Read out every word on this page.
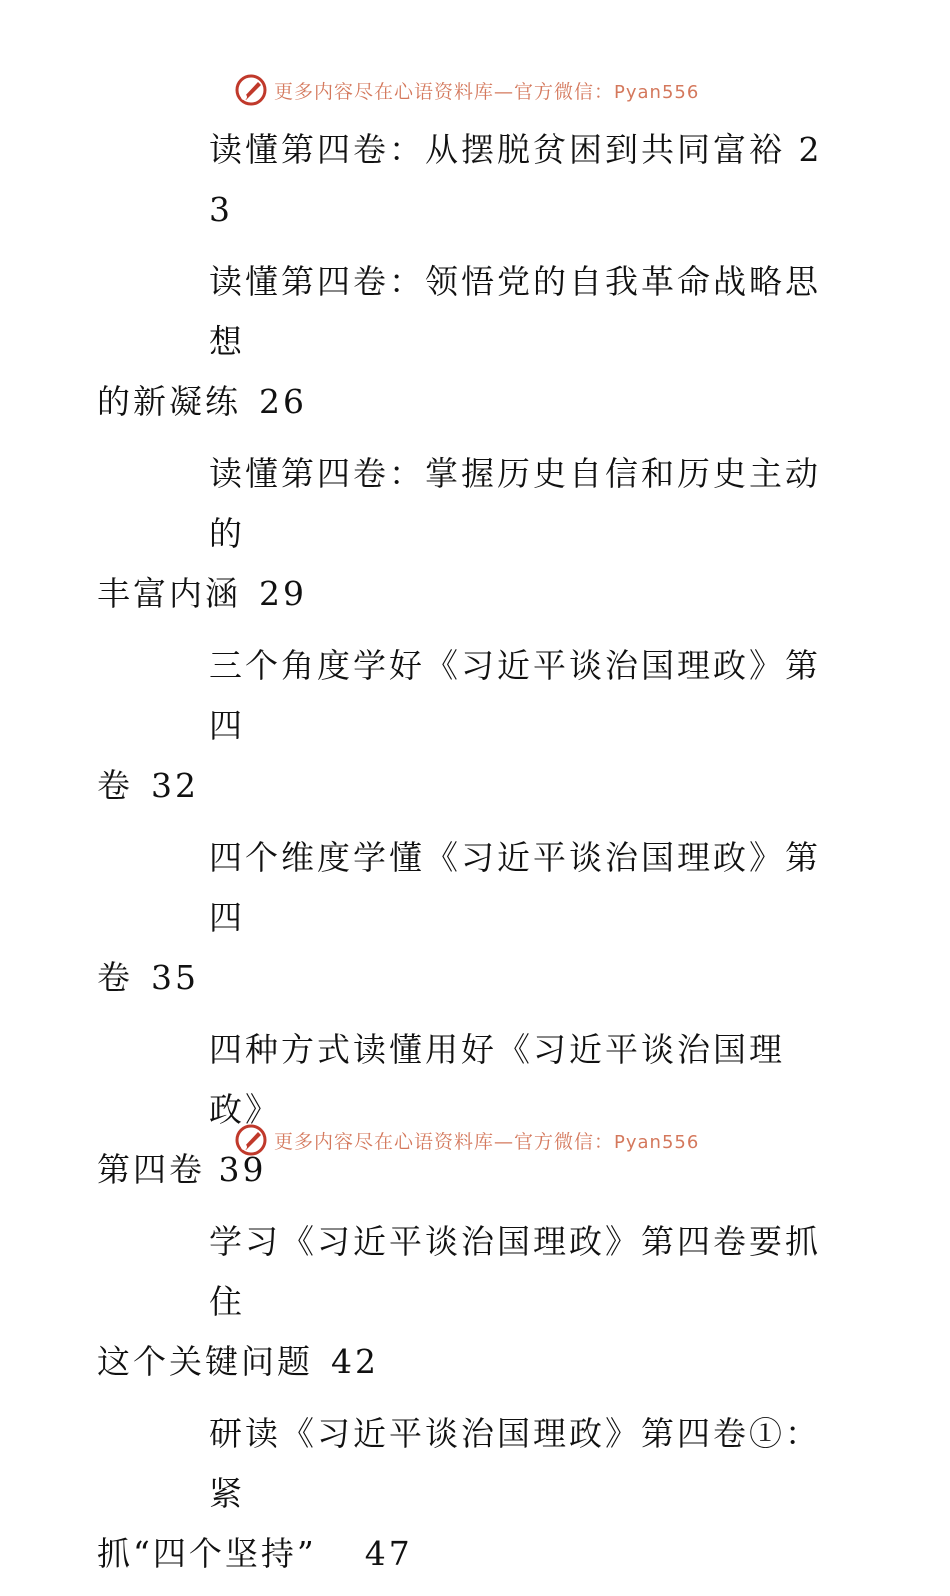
更多内容尽在心语资料库—官方微信：Pyan556
读懂第四卷：从摆脱贫困到共同富裕 23
读懂第四卷：领悟党的自我革命战略思想
的新凝练 26
读懂第四卷：掌握历史自信和历史主动的
丰富内涵 29
三个角度学好《习近平谈治国理政》第四
卷 32
四个维度学懂《习近平谈治国理政》第四
卷 35
四种方式读懂用好《习近平谈治国理政》
第四卷 39
学习《习近平谈治国理政》第四卷要抓住
这个关键问题 42
研读《习近平谈治国理政》第四卷①：紧
抓“四个坚持” 47
更多内容尽在心语资料库—官方微信：Pyan556
